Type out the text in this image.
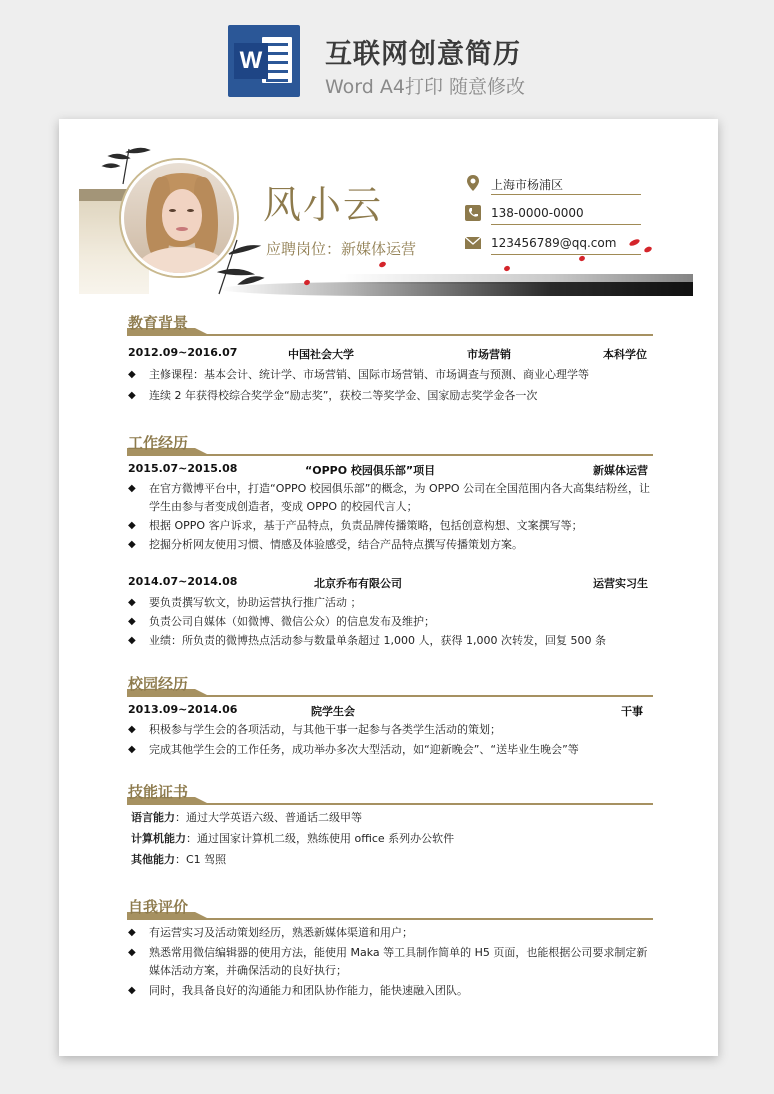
W 互联网创意简历
Word A4打印 随意修改
风小云
应聘岗位：新媒体运营
上海市杨浦区
138-0000-0000
123456789@qq.com
教育背景
2012.09~2016.07	中国社会大学	市场营销	本科学位
◆ 主修课程：基本会计、统计学、市场营销、国际市场营销、市场调查与预测、商业心理学等
◆ 连续 2 年获得校综合奖学金“励志奖”，获校二等奖学金、国家励志奖学金各一次
工作经历
2015.07~2015.08	“OPPO 校园俱乐部”项目	新媒体运营
◆ 在官方微博平台中，打造“OPPO 校园俱乐部”的概念，为 OPPO 公司在全国范围内各大高集结粉丝，让学生由参与者变成创造者，变成 OPPO 的校园代言人；
◆ 根据 OPPO 客户诉求，基于产品特点，负责品牌传播策略，包括创意构想、文案撰写等；
◆ 挖掘分析网友使用习惯、情感及体验感受，结合产品特点撰写传播策划方案。
2014.07~2014.08	北京乔布有限公司	运营实习生
◆ 要负责撰写软文，协助运营执行推广活动 ；
◆ 负责公司自媒体（如微博、微信公众）的信息发布及维护；
◆ 业绩：所负责的微博热点活动参与数量单条超过 1,000 人，获得 1,000 次转发，回复 500 条
校园经历
2013.09~2014.06	院学生会	干事
◆ 积极参与学生会的各项活动，与其他干事一起参与各类学生活动的策划；
◆ 完成其他学生会的工作任务，成功举办多次大型活动，如“迎新晚会”、“送毕业生晚会”等
技能证书
语言能力：通过大学英语六级、普通话二级甲等
计算机能力：通过国家计算机二级，熟练使用 office 系列办公软件
其他能力：C1 驾照
自我评价
◆ 有运营实习及活动策划经历，熟悉新媒体渠道和用户；
◆ 熟悉常用微信编辑器的使用方法，能使用 Maka 等工具制作简单的 H5 页面，也能根据公司要求制定新媒体活动方案，并确保活动的良好执行；
◆ 同时，我具备良好的沟通能力和团队协作能力，能快速融入团队。
